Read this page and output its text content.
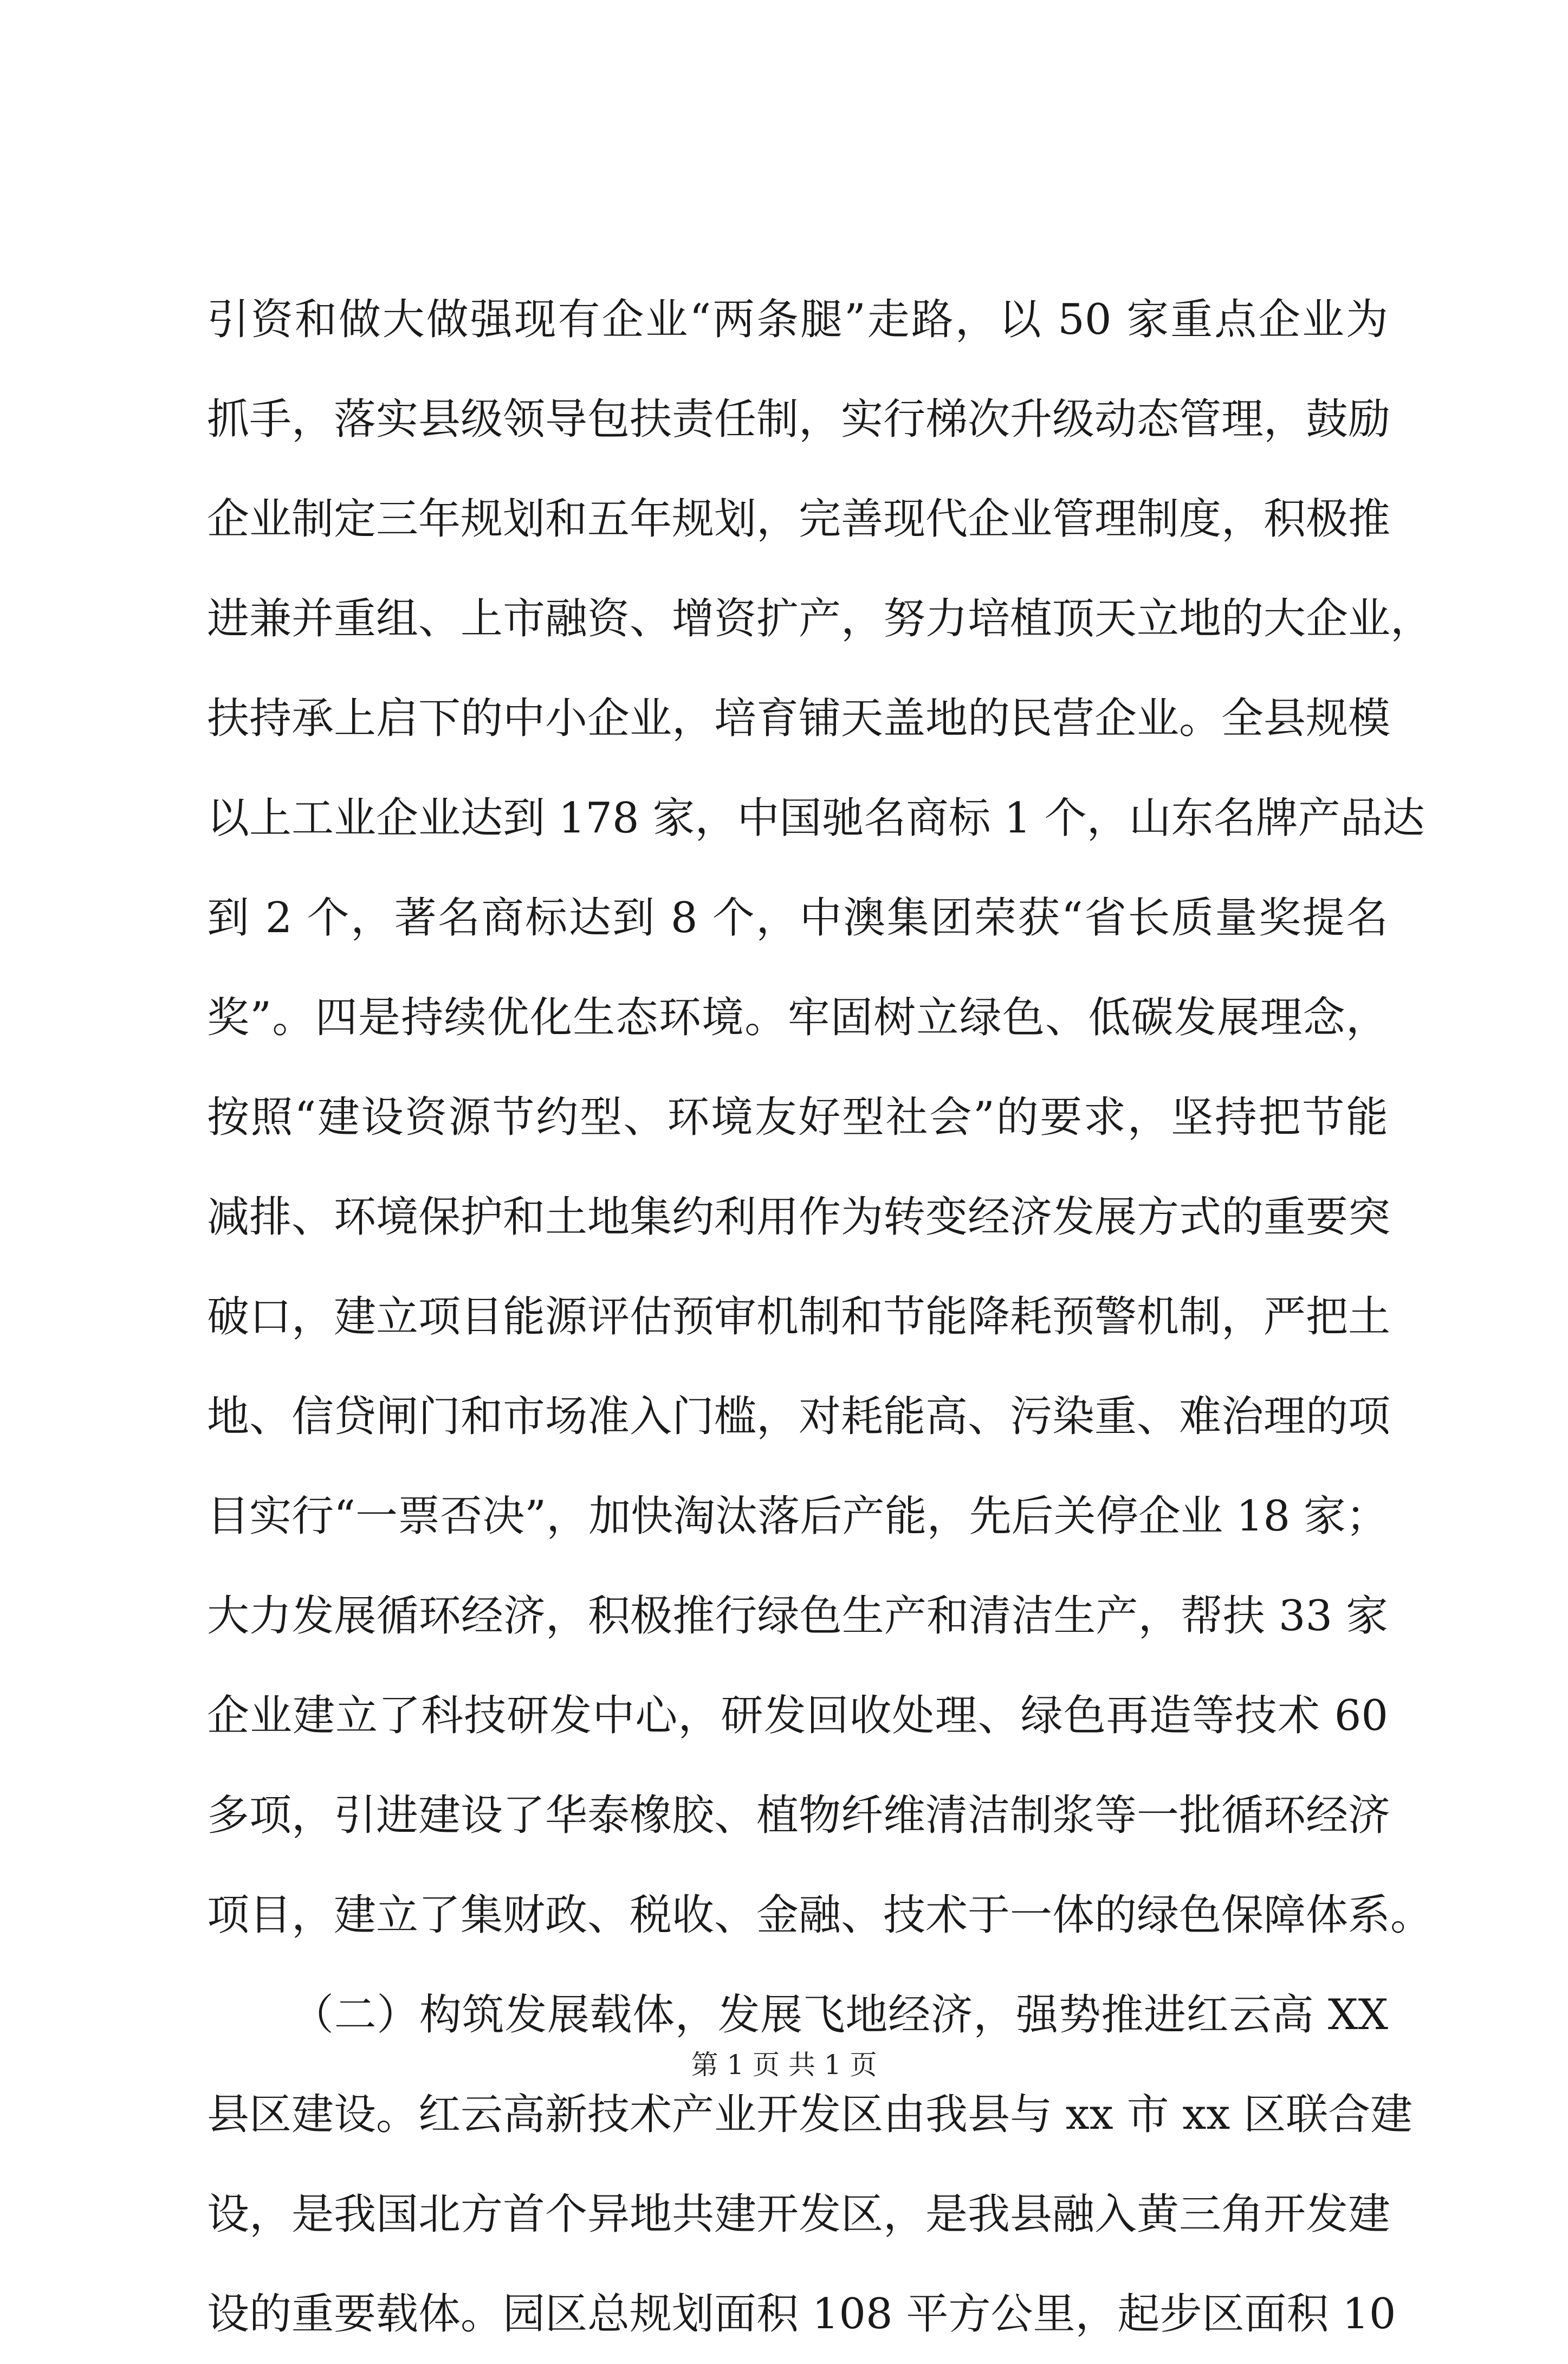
引资和做大做强现有企业“两条腿”走路，以 50 家重点企业为
抓手，落实县级领导包扶责任制，实行梯次升级动态管理，鼓励
企业制定三年规划和五年规划，完善现代企业管理制度，积极推
进兼并重组、上市融资、增资扩产，努力培植顶天立地的大企业，
扶持承上启下的中小企业，培育铺天盖地的民营企业。全县规模
以上工业企业达到 178 家，中国驰名商标 1 个，山东名牌产品达
到 2 个，著名商标达到 8 个，中澳集团荣获“省长质量奖提名
奖”。四是持续优化生态环境。牢固树立绿色、低碳发展理念，
按照“建设资源节约型、环境友好型社会”的要求，坚持把节能
减排、环境保护和土地集约利用作为转变经济发展方式的重要突
破口，建立项目能源评估预审机制和节能降耗预警机制，严把土
地、信贷闸门和市场准入门槛，对耗能高、污染重、难治理的项
目实行“一票否决”，加快淘汰落后产能，先后关停企业 18 家；
大力发展循环经济，积极推行绿色生产和清洁生产，帮扶 33 家
企业建立了科技研发中心，研发回收处理、绿色再造等技术 60
多项，引进建设了华泰橡胶、植物纤维清洁制浆等一批循环经济
项目，建立了集财政、税收、金融、技术于一体的绿色保障体系。
（二）构筑发展载体，发展飞地经济，强势推进红云高 XX
县区建设。红云高新技术产业开发区由我县与 xx 市 xx 区联合建
设，是我国北方首个异地共建开发区，是我县融入黄三角开发建
设的重要载体。园区总规划面积 108 平方公里，起步区面积 10
第 1 页 共 1 页
